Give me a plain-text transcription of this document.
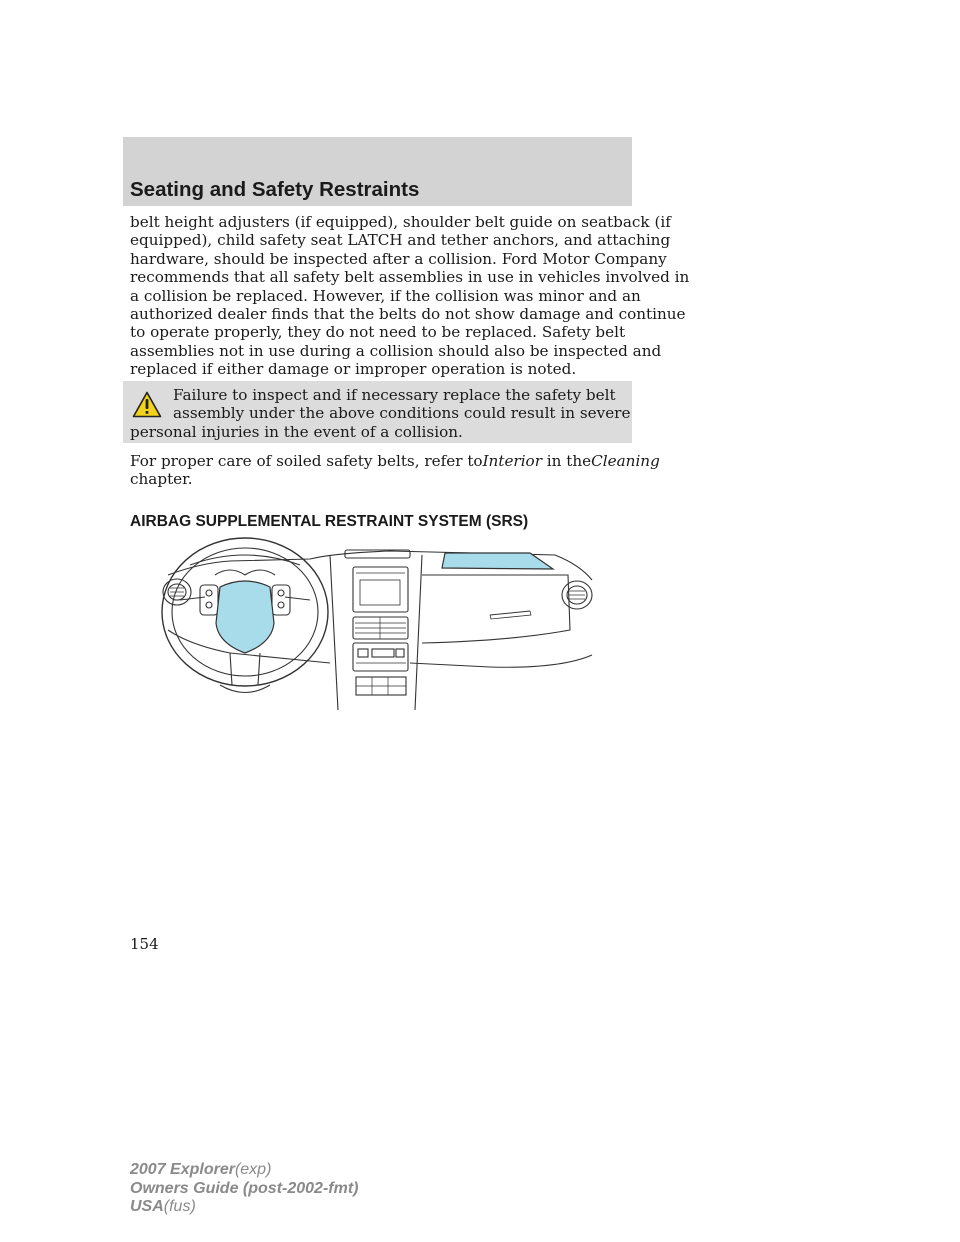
Seating and Safety Restraints
belt height adjusters (if equipped), shoulder belt guide on seatback (if
equipped), child safety seat LATCH and tether anchors, and attaching
hardware, should be inspected after a collision. Ford Motor Company
recommends that all safety belt assemblies in use in vehicles involved in
a collision be replaced. However, if the collision was minor and an
authorized dealer finds that the belts do not show damage and continue
to operate properly, they do not need to be replaced. Safety belt
assemblies not in use during a collision should also be inspected and
replaced if either damage or improper operation is noted.
Failure to inspect and if necessary replace the safety belt
assembly under the above conditions could result in severe
personal injuries in the event of a collision.
For proper care of soiled safety belts, refer toInterior in theCleaning
chapter.
AIRBAG SUPPLEMENTAL RESTRAINT SYSTEM (SRS)
154
2007 Explorer(exp)
Owners Guide (post-2002-fmt)
USA(fus)
